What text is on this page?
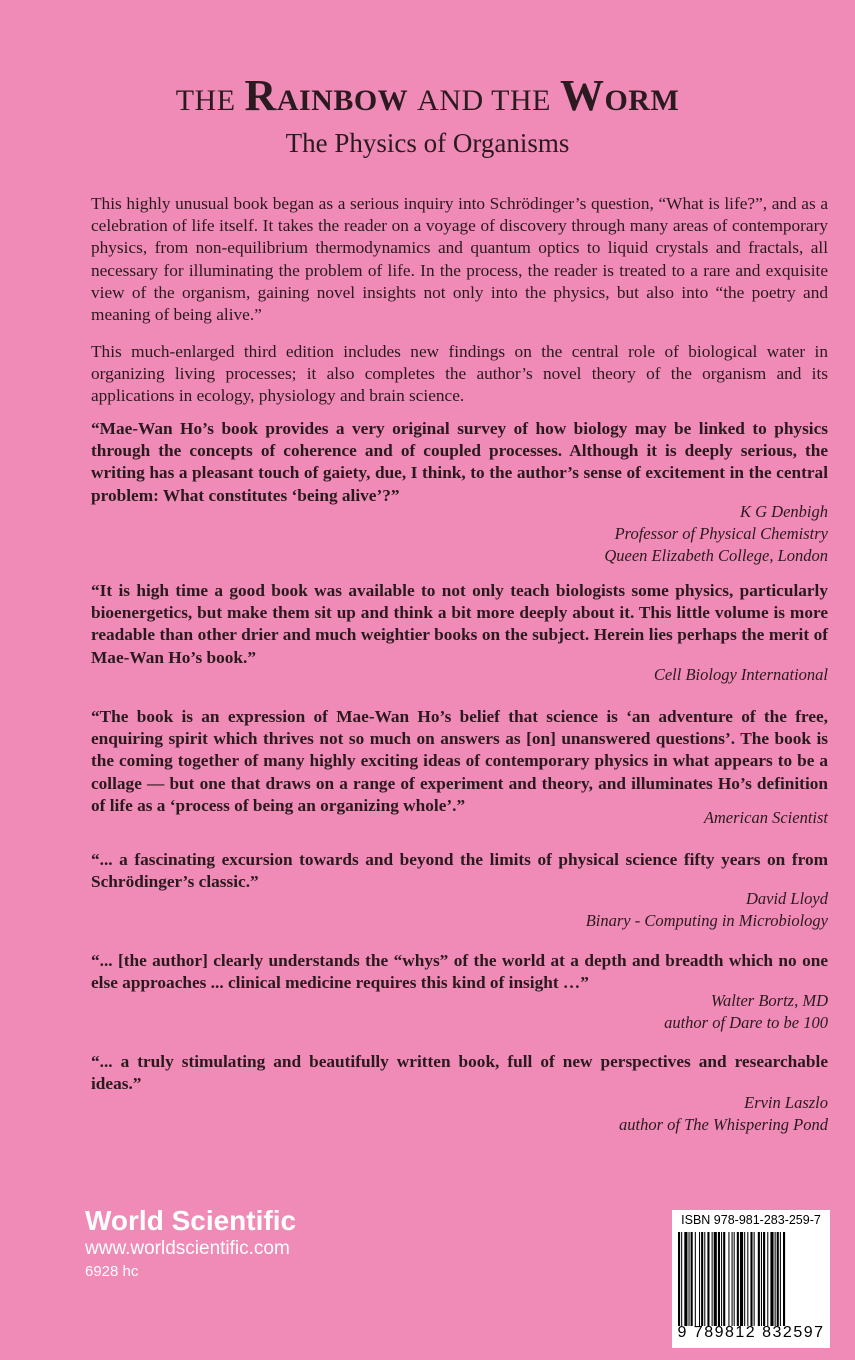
THE RAINBOW AND THE WORM
The Physics of Organisms

This highly unusual book began as a serious inquiry into Schrödinger’s question, “What is life?”, and as a celebration of life itself. It takes the reader on a voyage of discovery through many areas of contemporary physics, from non-equilibrium thermodynamics and quantum optics to liquid crystals and fractals, all necessary for illuminating the problem of life. In the process, the reader is treated to a rare and exquisite view of the organism, gaining novel insights not only into the physics, but also into “the poetry and meaning of being alive.”

This much-enlarged third edition includes new findings on the central role of biological water in organizing living processes; it also completes the author’s novel theory of the organism and its applications in ecology, physiology and brain science.

“Mae-Wan Ho’s book provides a very original survey of how biology may be linked to physics through the concepts of coherence and of coupled processes. Although it is deeply serious, the writing has a pleasant touch of gaiety, due, I think, to the author’s sense of excitement in the central problem: What constitutes ‘being alive’?”

K G Denbigh
Professor of Physical Chemistry
Queen Elizabeth College, London

“It is high time a good book was available to not only teach biologists some physics, particularly bioenergetics, but make them sit up and think a bit more deeply about it. This little volume is more readable than other drier and much weightier books on the subject. Herein lies perhaps the merit of Mae-Wan Ho’s book.”

Cell Biology International

“The book is an expression of Mae-Wan Ho’s belief that science is ‘an adventure of the free, enquiring spirit which thrives not so much on answers as [on] unanswered questions’. The book is the coming together of many highly exciting ideas of contemporary physics in what appears to be a collage — but one that draws on a range of experiment and theory, and illuminates Ho’s definition of life as a ‘process of being an organizing whole’.”

American Scientist

“... a fascinating excursion towards and beyond the limits of physical science fifty years on from Schrödinger’s classic.”

David Lloyd
Binary - Computing in Microbiology

“... [the author] clearly understands the “whys” of the world at a depth and breadth which no one else approaches ... clinical medicine requires this kind of insight …”

Walter Bortz, MD
author of Dare to be 100

“... a truly stimulating and beautifully written book, full of new perspectives and researchable ideas.”

Ervin Laszlo
author of The Whispering Pond
World Scientific
www.worldscientific.com
6928 hc
ISBN 978-981-283-259-7
9 789812 832597
